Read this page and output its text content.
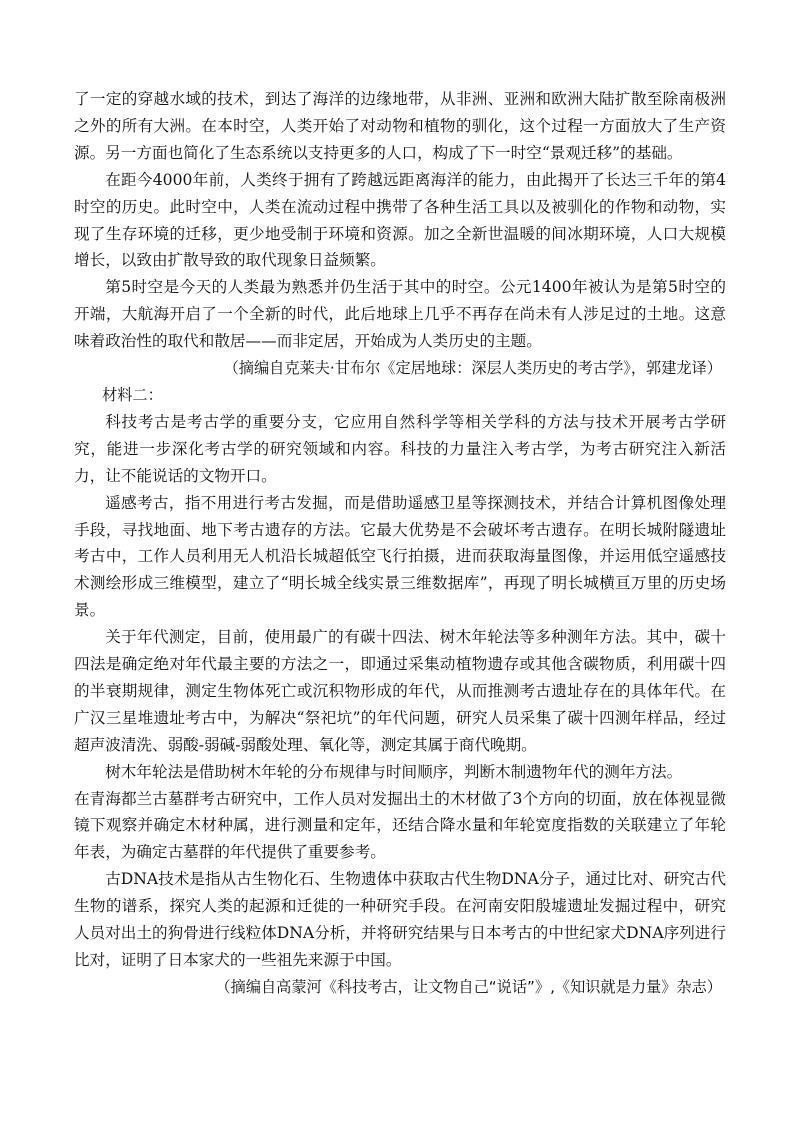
了一定的穿越水域的技术，到达了海洋的边缘地带，从非洲、亚洲和欧洲大陆扩散至除南极洲之外的所有大洲。在本时空，人类开始了对动物和植物的驯化，这个过程一方面放大了生产资源。另一方面也简化了生态系统以支持更多的人口，构成了下一时空“景观迁移”的基础。

在距今4000年前，人类终于拥有了跨越远距离海洋的能力，由此揭开了长达三千年的第4时空的历史。此时空中，人类在流动过程中携带了各种生活工具以及被驯化的作物和动物，实现了生存环境的迁移，更少地受制于环境和资源。加之全新世温暖的间冰期环境，人口大规模增长，以致由扩散导致的取代现象日益频繁。

第5时空是今天的人类最为熟悉并仍生活于其中的时空。公元1400年被认为是第5时空的开端，大航海开启了一个全新的时代，此后地球上几乎不再存在尚未有人涉足过的土地。这意味着政治性的取代和散居——而非定居，开始成为人类历史的主题。

（摘编自克莱夫·甘布尔《定居地球：深层人类历史的考古学》，郭建龙译）

材料二：

科技考古是考古学的重要分支，它应用自然科学等相关学科的方法与技术开展考古学研究，能进一步深化考古学的研究领域和内容。科技的力量注入考古学，为考古研究注入新活力，让不能说话的文物开口。

遥感考古，指不用进行考古发掘，而是借助遥感卫星等探测技术，并结合计算机图像处理手段，寻找地面、地下考古遗存的方法。它最大优势是不会破坏考古遗存。在明长城附隧遗址考古中，工作人员利用无人机沿长城超低空飞行拍摄，进而获取海量图像，并运用低空遥感技术测绘形成三维模型，建立了“明长城全线实景三维数据库”，再现了明长城横亘万里的历史场景。

关于年代测定，目前，使用最广的有碳十四法、树木年轮法等多种测年方法。其中，碳十四法是确定绝对年代最主要的方法之一，即通过采集动植物遗存或其他含碳物质，利用碳十四的半衰期规律，测定生物体死亡或沉积物形成的年代，从而推测考古遗址存在的具体年代。在广汉三星堆遗址考古中，为解决“祭祀坑”的年代问题，研究人员采集了碳十四测年样品，经过超声波清洗、弱酸-弱碱-弱酸处理、氧化等，测定其属于商代晚期。

树木年轮法是借助树木年轮的分布规律与时间顺序，判断木制遗物年代的测年方法。

在青海都兰古墓群考古研究中，工作人员对发掘出土的木材做了3个方向的切面，放在体视显微镜下观察并确定木材种属，进行测量和定年，还结合降水量和年轮宽度指数的关联建立了年轮年表，为确定古墓群的年代提供了重要参考。

古DNA技术是指从古生物化石、生物遗体中获取古代生物DNA分子，通过比对、研究古代生物的谱系，探究人类的起源和迁徙的一种研究手段。在河南安阳殷墟遗址发掘过程中，研究人员对出土的狗骨进行线粒体DNA分析，并将研究结果与日本考古的中世纪家犬DNA序列进行比对，证明了日本家犬的一些祖先来源于中国。

（摘编自高蒙河《科技考古，让文物自己“说话”》,《知识就是力量》杂志）
